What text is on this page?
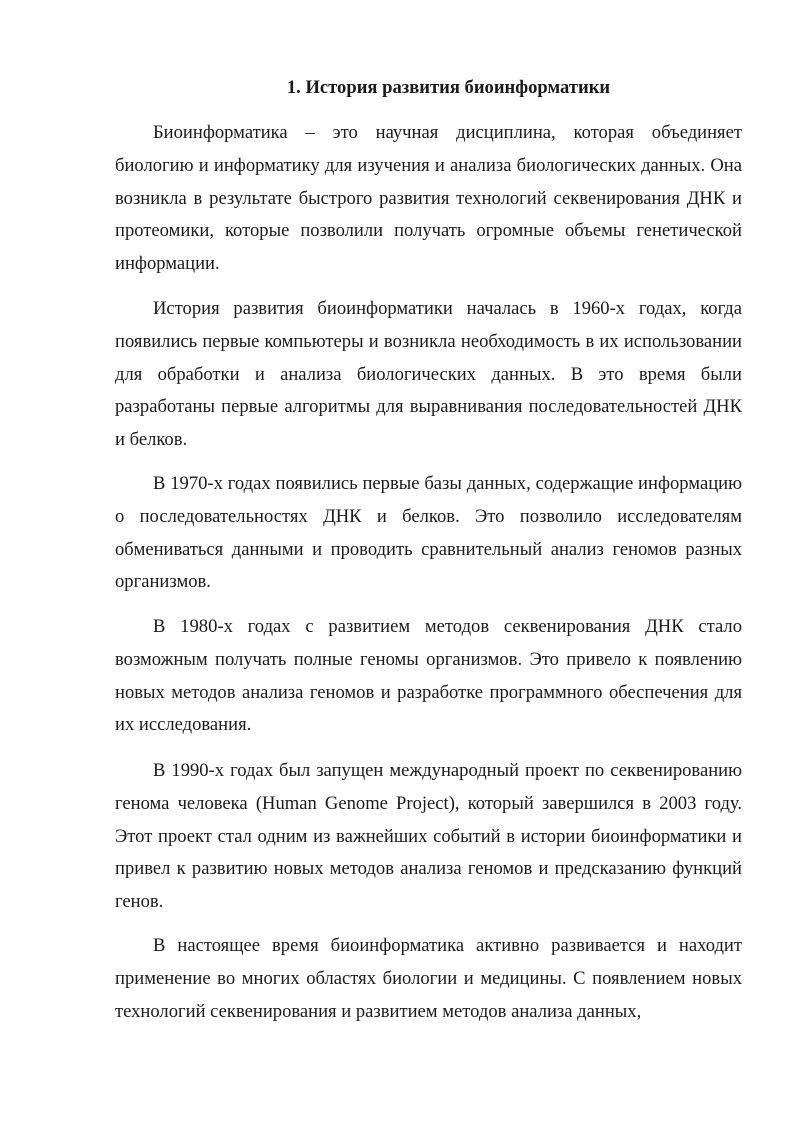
1. История развития биоинформатики

Биоинформатика – это научная дисциплина, которая объединяет биологию и информатику для изучения и анализа биологических данных. Она возникла в результате быстрого развития технологий секвенирования ДНК и протеомики, которые позволили получать огромные объемы генетической информации.

История развития биоинформатики началась в 1960-х годах, когда появились первые компьютеры и возникла необходимость в их использовании для обработки и анализа биологических данных. В это время были разработаны первые алгоритмы для выравнивания последовательностей ДНК и белков.

В 1970-х годах появились первые базы данных, содержащие информацию о последовательностях ДНК и белков. Это позволило исследователям обмениваться данными и проводить сравнительный анализ геномов разных организмов.

В 1980-х годах с развитием методов секвенирования ДНК стало возможным получать полные геномы организмов. Это привело к появлению новых методов анализа геномов и разработке программного обеспечения для их исследования.

В 1990-х годах был запущен международный проект по секвенированию генома человека (Human Genome Project), который завершился в 2003 году. Этот проект стал одним из важнейших событий в истории биоинформатики и привел к развитию новых методов анализа геномов и предсказанию функций генов.

В настоящее время биоинформатика активно развивается и находит применение во многих областях биологии и медицины. С появлением новых технологий секвенирования и развитием методов анализа данных,
